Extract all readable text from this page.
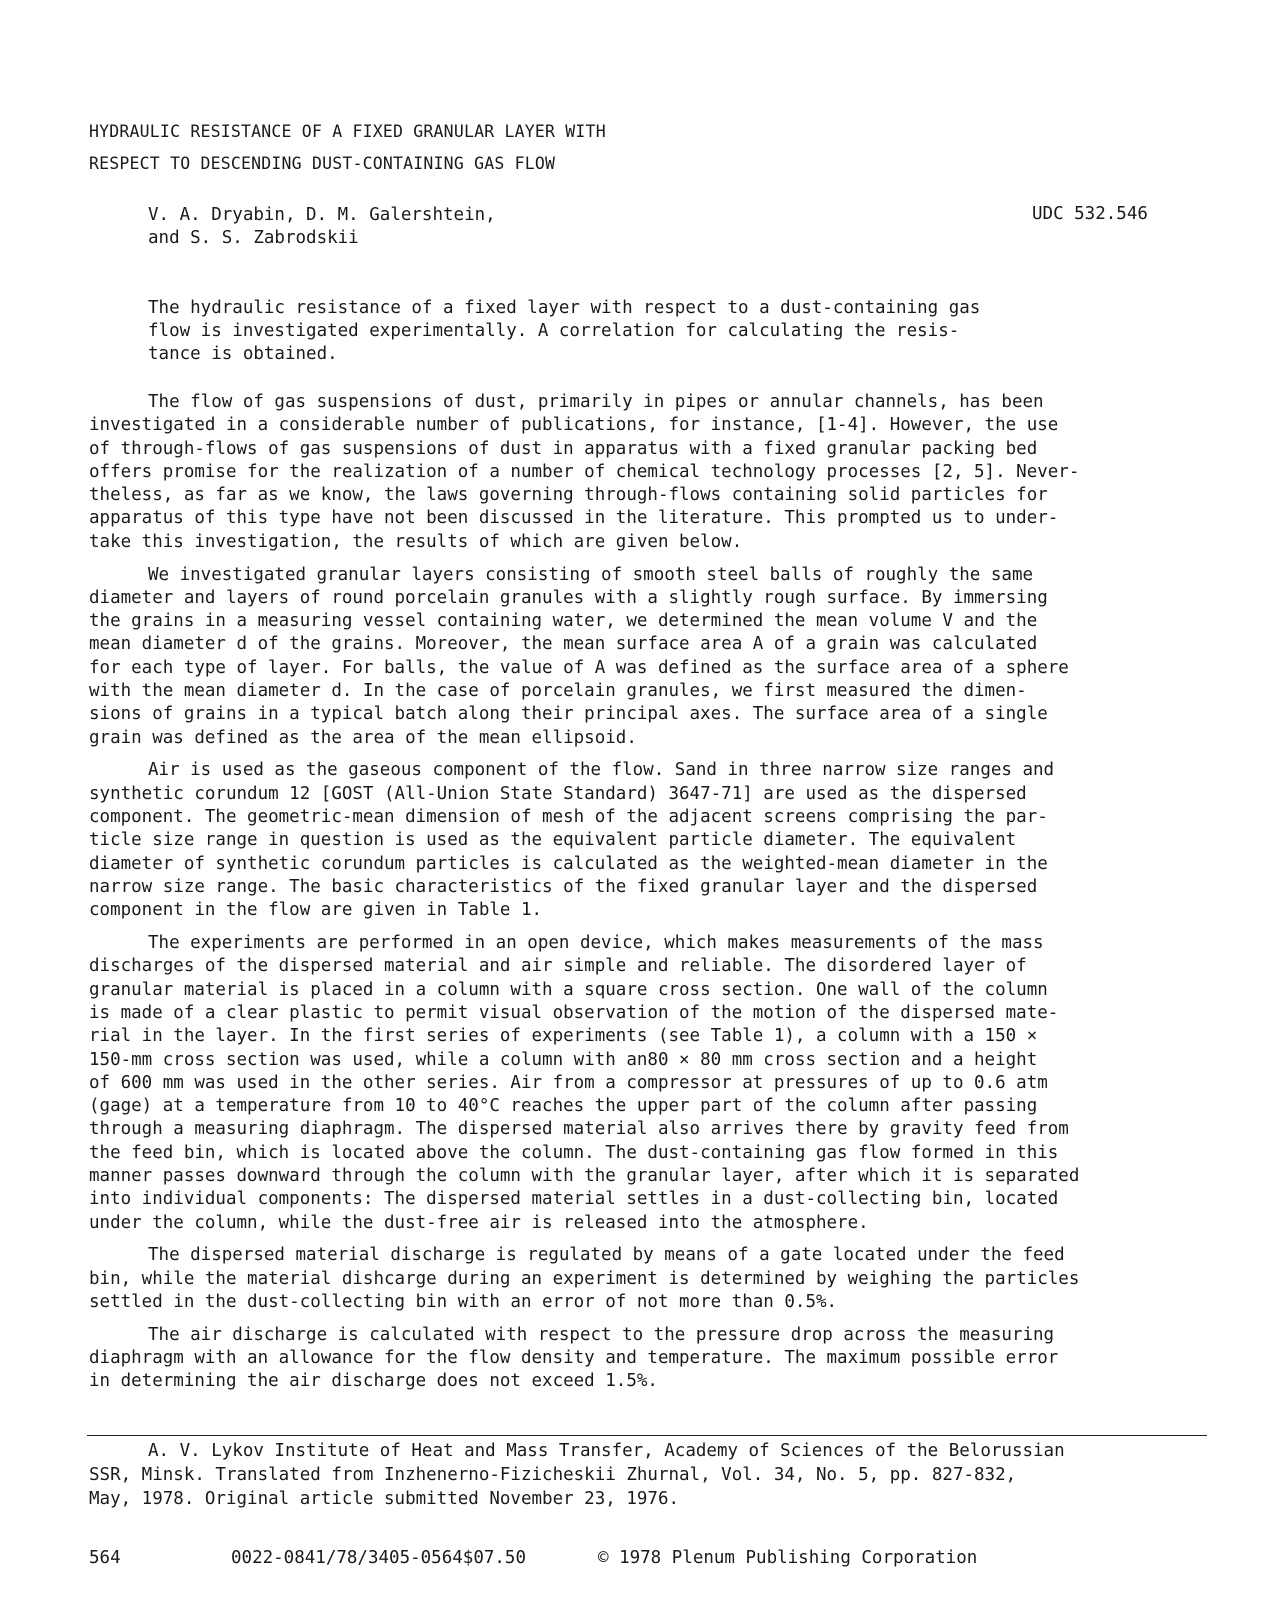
HYDRAULIC RESISTANCE OF A FIXED GRANULAR LAYER WITH
RESPECT TO DESCENDING DUST-CONTAINING GAS FLOW
V. A. Dryabin, D. M. Galershtein,
and S. S. Zabrodskii
UDC 532.546
The hydraulic resistance of a fixed layer with respect to a dust-containing gas
flow is investigated experimentally. A correlation for calculating the resis-
tance is obtained.
The flow of gas suspensions of dust, primarily in pipes or annular channels, has been
investigated in a considerable number of publications, for instance, [1-4]. However, the use
of through-flows of gas suspensions of dust in apparatus with a fixed granular packing bed
offers promise for the realization of a number of chemical technology processes [2, 5]. Never-
theless, as far as we know, the laws governing through-flows containing solid particles for
apparatus of this type have not been discussed in the literature. This prompted us to under-
take this investigation, the results of which are given below.
We investigated granular layers consisting of smooth steel balls of roughly the same
diameter and layers of round porcelain granules with a slightly rough surface. By immersing
the grains in a measuring vessel containing water, we determined the mean volume V and the
mean diameter d of the grains. Moreover, the mean surface area A of a grain was calculated
for each type of layer. For balls, the value of A was defined as the surface area of a sphere
with the mean diameter d. In the case of porcelain granules, we first measured the dimen-
sions of grains in a typical batch along their principal axes. The surface area of a single
grain was defined as the area of the mean ellipsoid.
Air is used as the gaseous component of the flow. Sand in three narrow size ranges and
synthetic corundum 12 [GOST (All-Union State Standard) 3647-71] are used as the dispersed
component. The geometric-mean dimension of mesh of the adjacent screens comprising the par-
ticle size range in question is used as the equivalent particle diameter. The equivalent
diameter of synthetic corundum particles is calculated as the weighted-mean diameter in the
narrow size range. The basic characteristics of the fixed granular layer and the dispersed
component in the flow are given in Table 1.
The experiments are performed in an open device, which makes measurements of the mass
discharges of the dispersed material and air simple and reliable. The disordered layer of
granular material is placed in a column with a square cross section. One wall of the column
is made of a clear plastic to permit visual observation of the motion of the dispersed mate-
rial in the layer. In the first series of experiments (see Table 1), a column with a 150 ×
150-mm cross section was used, while a column with an80 × 80 mm cross section and a height
of 600 mm was used in the other series. Air from a compressor at pressures of up to 0.6 atm
(gage) at a temperature from 10 to 40°C reaches the upper part of the column after passing
through a measuring diaphragm. The dispersed material also arrives there by gravity feed from
the feed bin, which is located above the column. The dust-containing gas flow formed in this
manner passes downward through the column with the granular layer, after which it is separated
into individual components: The dispersed material settles in a dust-collecting bin, located
under the column, while the dust-free air is released into the atmosphere.
The dispersed material discharge is regulated by means of a gate located under the feed
bin, while the material dishcarge during an experiment is determined by weighing the particles
settled in the dust-collecting bin with an error of not more than 0.5%.
The air discharge is calculated with respect to the pressure drop across the measuring
diaphragm with an allowance for the flow density and temperature. The maximum possible error
in determining the air discharge does not exceed 1.5%.
A. V. Lykov Institute of Heat and Mass Transfer, Academy of Sciences of the Belorussian
SSR, Minsk. Translated from Inzhenerno-Fizicheskii Zhurnal, Vol. 34, No. 5, pp. 827-832,
May, 1978. Original article submitted November 23, 1976.
564	0022-0841/78/3405-0564$07.50	© 1978 Plenum Publishing Corporation
